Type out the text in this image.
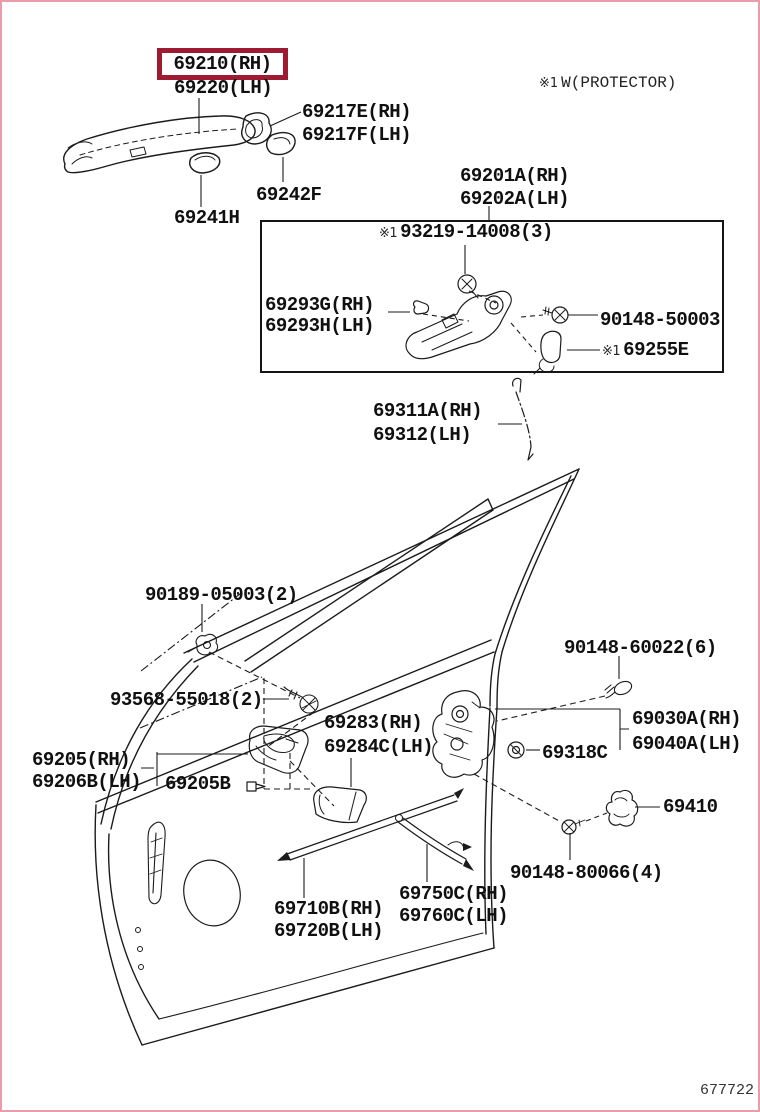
69210(RH)
69220(LH)
69217E(RH)
69217F(LH)
69242F
69241H
※1 W(PROTECTOR)
69201A(RH)
69202A(LH)
※1 93219-14008(3)
69293G(RH)
69293H(LH)	90148-50003
※1 69255E
69311A(RH)
69312(LH)
90189-05003(2)
93568-55018(2)
69283(RH)
69284C(LH)
69205(RH)
69206B(LH) 69205B
90148-60022(6)
69030A(RH)
69040A(LH)
69318C
69410
90148-80066(4)
69710B(RH)
69720B(LH)
69750C(RH)
69760C(LH)
677722
